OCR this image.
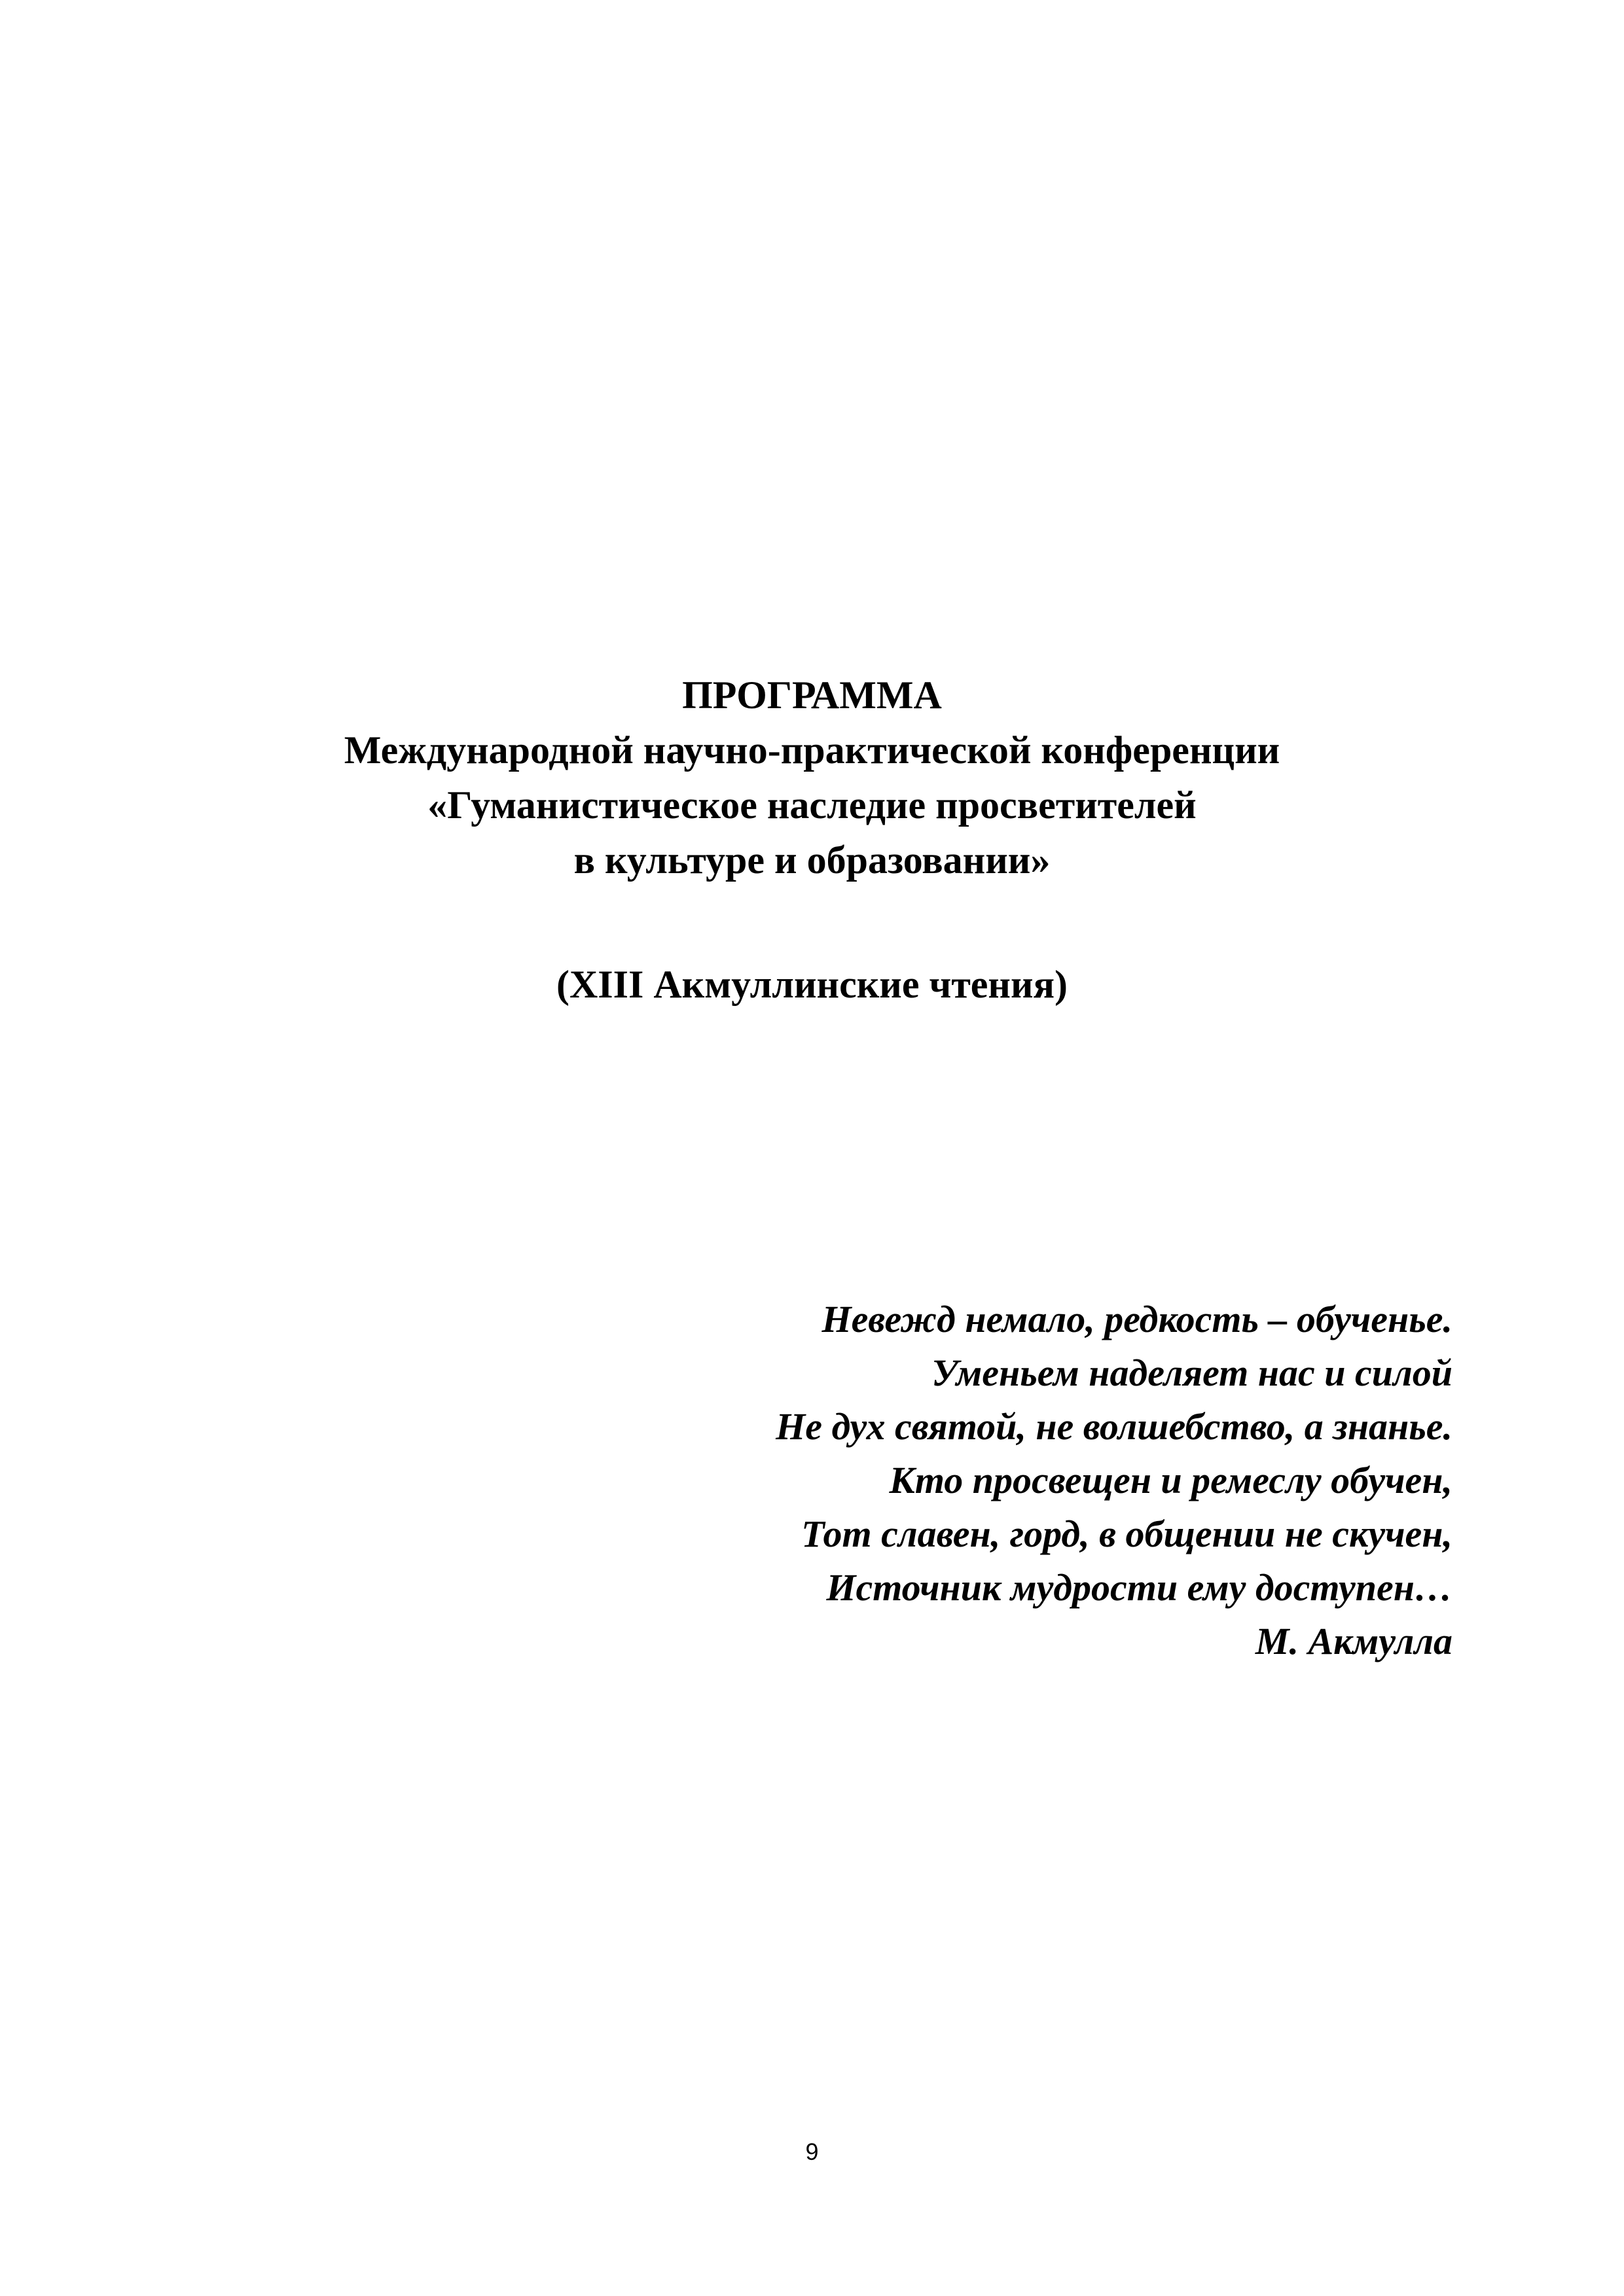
ПРОГРАММА
Международной научно-практической конференции
«Гуманистическое наследие просветителей
в культуре и образовании»
(XIII Акмуллинские чтения)
Невежд немало, редкость – обученье.
Уменьем наделяет нас и силой
Не дух святой, не волшебство, а знанье.
Кто просвещен и ремеслу обучен,
Тот славен, горд, в общении не скучен,
Источник мудрости ему доступен…
М. Акмулла
9
